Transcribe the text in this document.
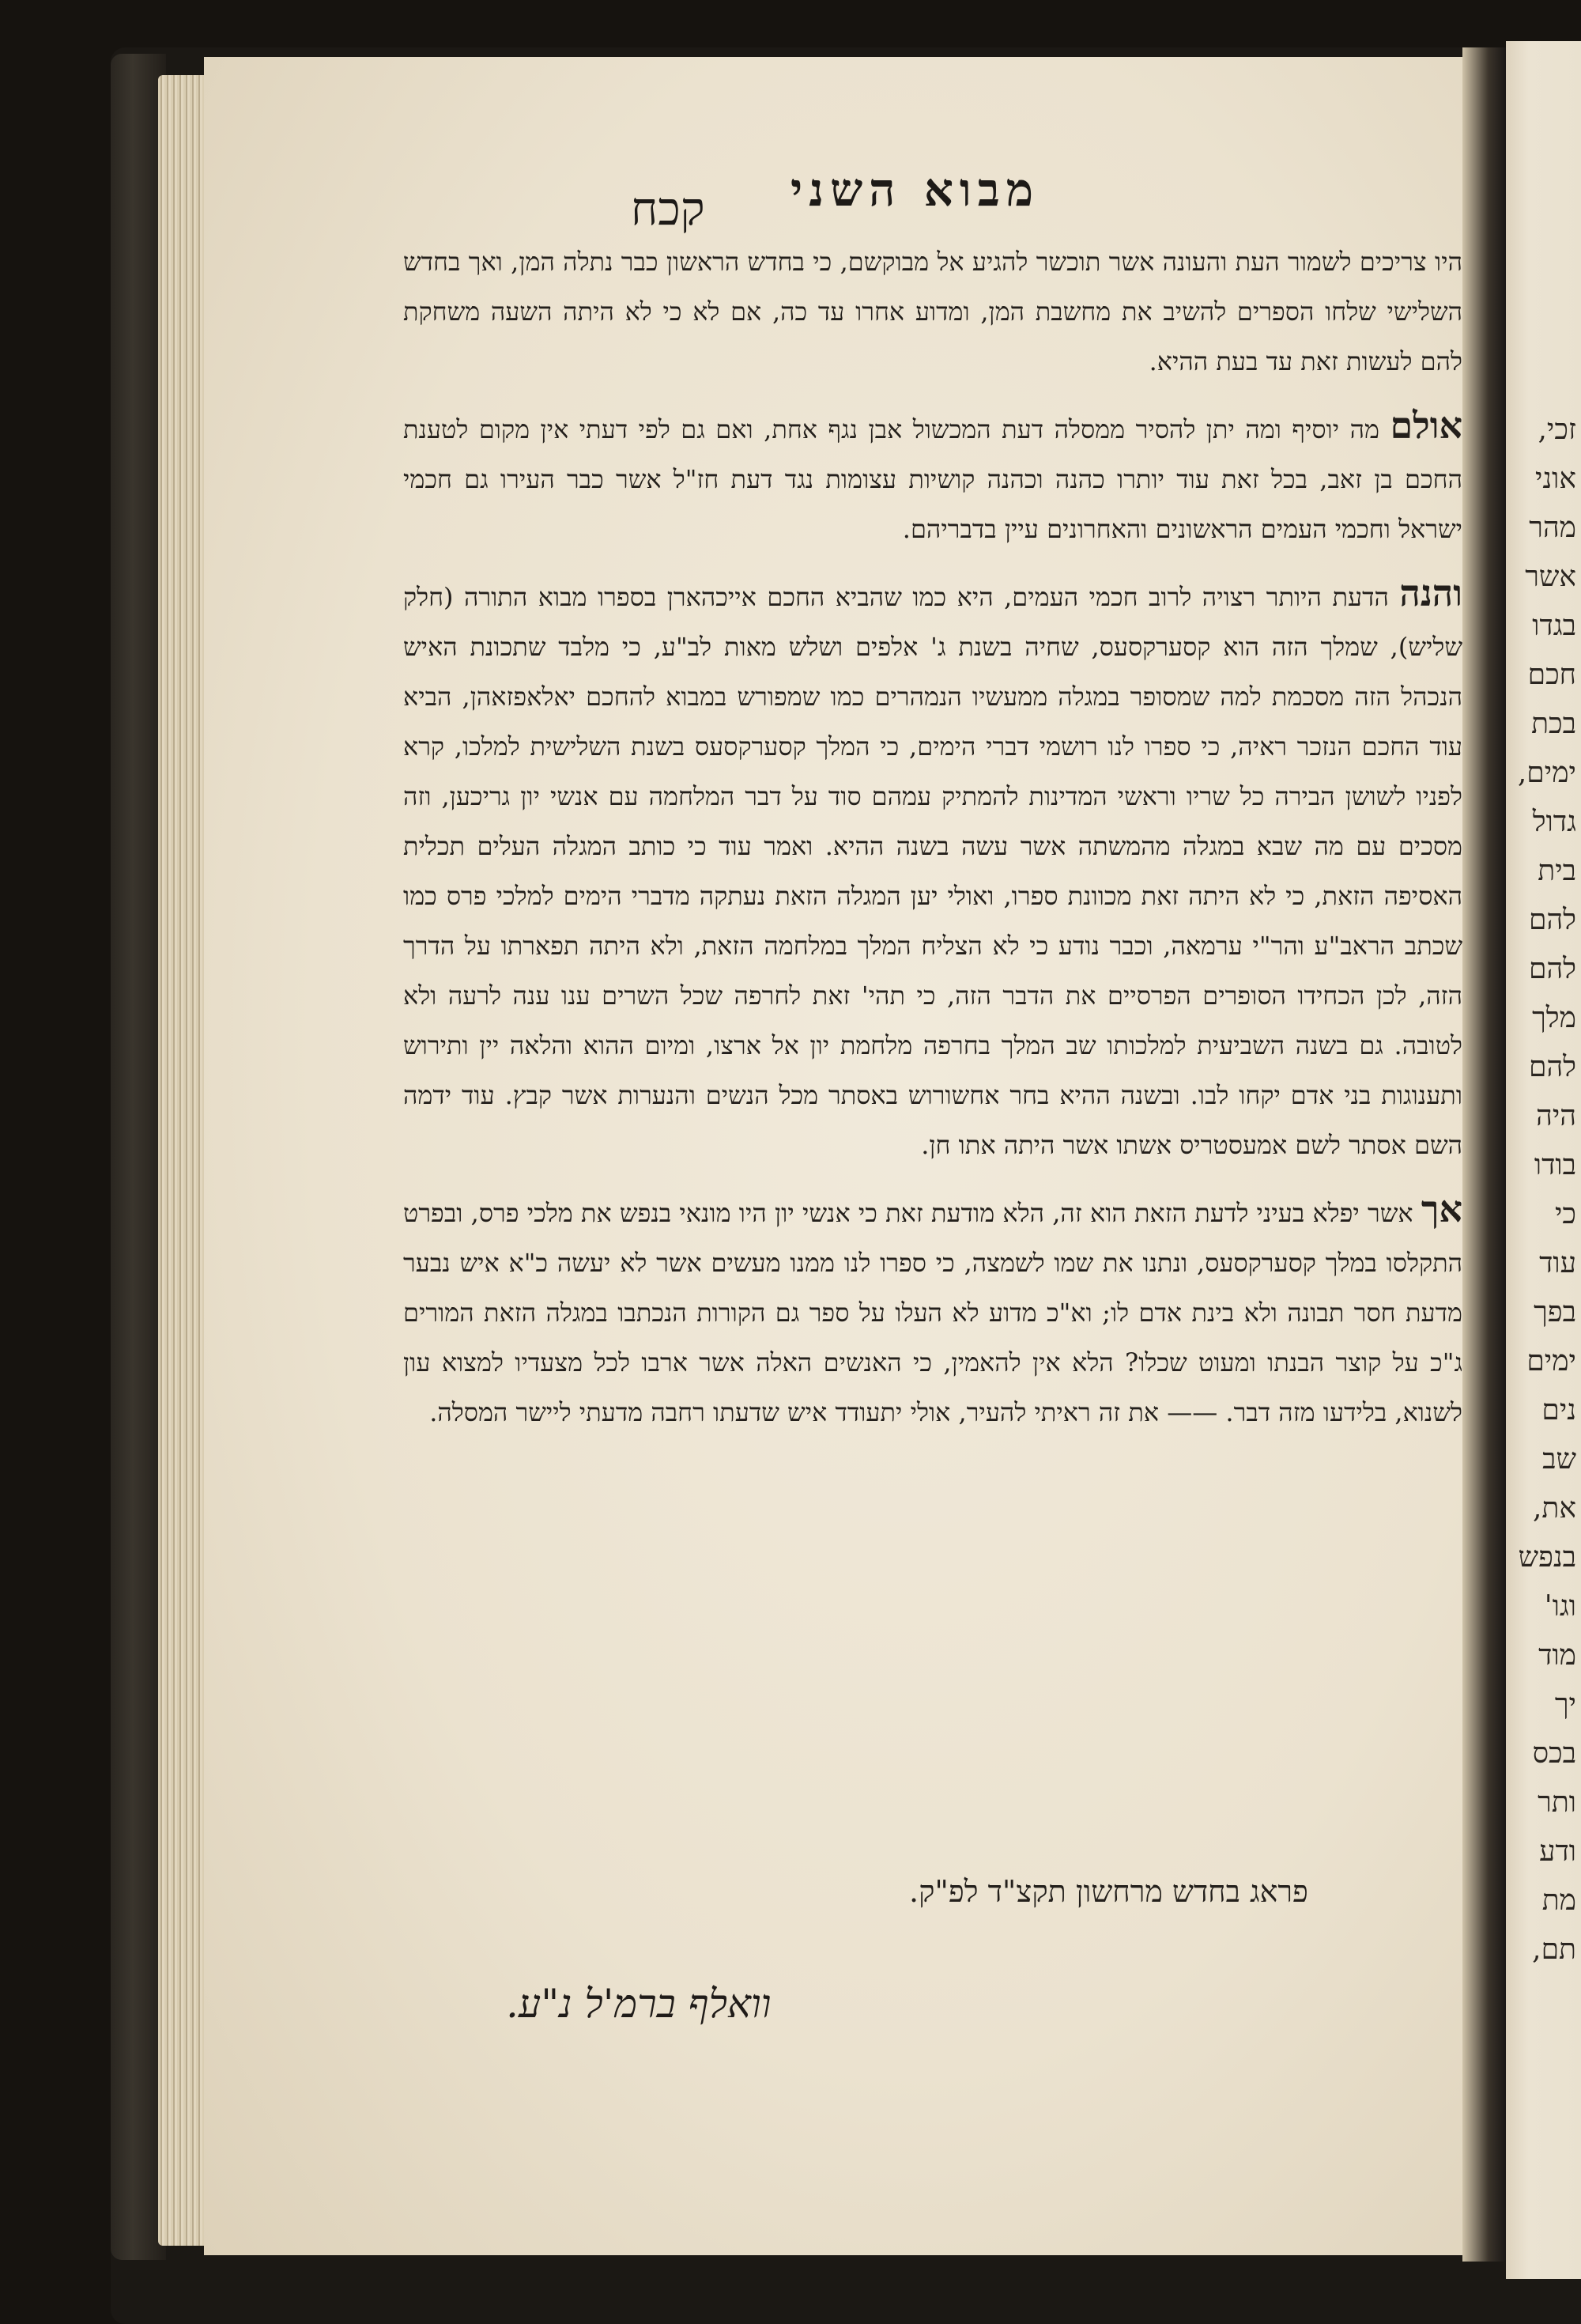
זכי,
אוני
מהר
אשר
בגדו
חכם
בכת
ימים,
גדול
בית
להם
להם
מלך
להם
היה
בודו
כי
עוד
בפך
ימים
נים
שב
את,
בנפש
וגו'
מוד
יך
בכס
ותר
ודע
מת
תם,
מבוא השני
קכח

היו צריכים לשמור העת והעונה אשר תוכשר להגיע אל מבוקשם, כי בחדש הראשון כבר נתלה המן, ואך בחדש השלישי שלחו הספרים להשיב את מחשבת המן, ומדוע אחרו עד כה, אם לא כי לא היתה השעה משחקת להם לעשות זאת עד בעת ההיא.

אולם מה יוסיף ומה יתן להסיר ממסלה דעת המכשול אבן נגף אחת, ואם גם לפי דעתי אין מקום לטענת החכם בן זאב, בכל זאת עוד יותרו כהנה וכהנה קושיות עצומות נגד דעת חז"ל אשר כבר העירו גם חכמי ישראל וחכמי העמים הראשונים והאחרונים עיין בדבריהם.

והנה הדעת היותר רצויה לרוב חכמי העמים, היא כמו שהביא החכם אייכהארן בספרו מבוא התורה (חלק שליש), שמלך הזה הוא קסערקסעס, שחיה בשנת ג' אלפים ושלש מאות לב"ע, כי מלבד שתכונת האיש הנכהל הזה מסכמת למה שמסופר במגלה ממעשיו הנמהרים כמו שמפורש במבוא להחכם יאלאפזאהן, הביא עוד החכם הנזכר ראיה, כי ספרו לנו רושמי דברי הימים, כי המלך קסערקסעס בשנת השלישית למלכו, קרא לפניו לשושן הבירה כל שריו וראשי המדינות להמתיק עמהם סוד על דבר המלחמה עם אנשי יון גריכען, וזה מסכים עם מה שבא במגלה מהמשתה אשר עשה בשנה ההיא. ואמר עוד כי כותב המגלה העלים תכלית האסיפה הזאת, כי לא היתה זאת מכוונת ספרו, ואולי יען המגלה הזאת נעתקה מדברי הימים למלכי פרס כמו שכתב הראב"ע והר"י ערמאה, וכבר נודע כי לא הצליח המלך במלחמה הזאת, ולא היתה תפארתו על הדרך הזה, לכן הכחידו הסופרים הפרסיים את הדבר הזה, כי תהי' זאת לחרפה שכל השרים ענו ענה לרעה ולא לטובה. גם בשנה השביעית למלכותו שב המלך בחרפה מלחמת יון אל ארצו, ומיום ההוא והלאה יין ותירוש ותענוגות בני אדם יקחו לבו. ובשנה ההיא בחר אחשורוש באסתר מכל הנשים והנערות אשר קבץ. עוד ידמה השם אסתר לשם אמעסטריס אשתו אשר היתה אתו חן.

אך אשר יפלא בעיני לדעת הזאת הוא זה, הלא מודעת זאת כי אנשי יון היו מונאי בנפש את מלכי פרס, ובפרט התקלסו במלך קסערקסעס, ונתנו את שמו לשמצה, כי ספרו לנו ממנו מעשים אשר לא יעשה כ"א איש נבער מדעת חסר תבונה ולא בינת אדם לו; וא"כ מדוע לא העלו על ספר גם הקורות הנכתבו במגלה הזאת המורים ג"כ על קוצר הבנתו ומעוט שכלו? הלא אין להאמין, כי האנשים האלה אשר ארבו לכל מצעדיו למצוא עון לשנוא, בלידעו מזה דבר. —— את זה ראיתי להעיר, אולי יתעודד איש שדעתו רחבה מדעתי ליישר המסלה.

פראג בחדש מרחשון תקצ"ד לפ"ק.
וואלף ברמ'ל נ"ע.
